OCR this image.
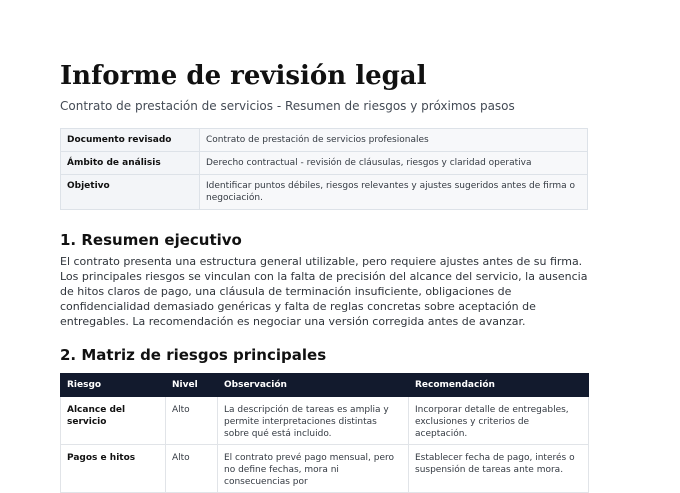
Informe de revisión legal
Contrato de prestación de servicios - Resumen de riesgos y próximos pasos
Documento revisado	Contrato de prestación de servicios profesionales
Ámbito de análisis	Derecho contractual - revisión de cláusulas, riesgos y claridad operativa
Objetivo	Identificar puntos débiles, riesgos relevantes y ajustes sugeridos antes de firma o negociación.
1. Resumen ejecutivo

El contrato presenta una estructura general utilizable, pero requiere ajustes antes de su firma. Los principales riesgos se vinculan con la falta de precisión del alcance del servicio, la ausencia de hitos claros de pago, una cláusula de terminación insuficiente, obligaciones de confidencialidad demasiado genéricas y falta de reglas concretas sobre aceptación de entregables. La recomendación es negociar una versión corregida antes de avanzar.

2. Matriz de riesgos principales
Riesgo	Nivel	Observación	Recomendación
Alcance del servicio	Alto	La descripción de tareas es amplia y permite interpretaciones distintas sobre qué está incluido.	Incorporar detalle de entregables, exclusiones y criterios de aceptación.
Pagos e hitos	Alto	El contrato prevé pago mensual, pero no define fechas, mora ni consecuencias por	Establecer fecha de pago, interés o suspensión de tareas ante mora.
